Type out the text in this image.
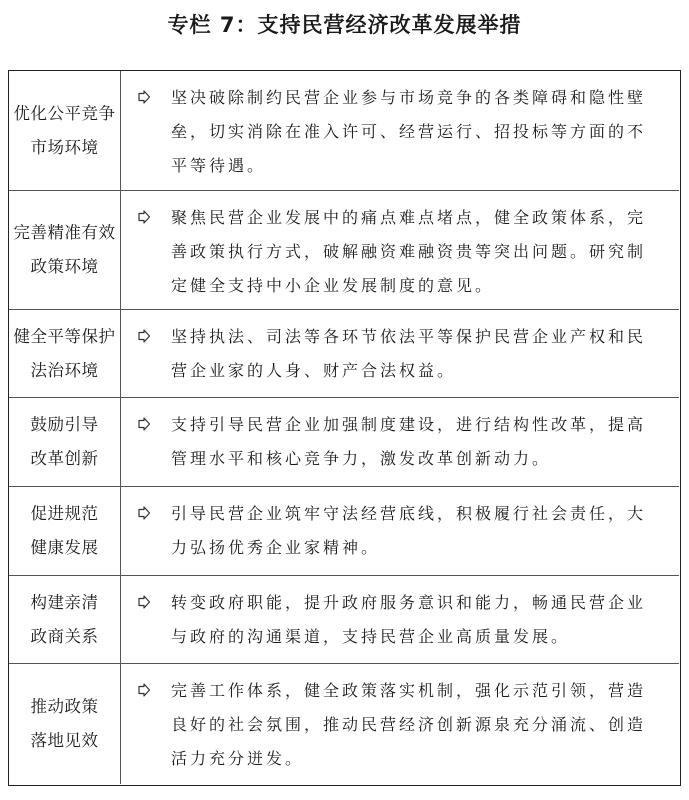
专栏 7：支持民营经济改革发展举措
优化公平竞争
市场环境
坚决破除制约民营企业参与市场竞争的各类障碍和隐性壁
垒，切实消除在准入许可、经营运行、招投标等方面的不
平等待遇。
完善精准有效
政策环境
聚焦民营企业发展中的痛点难点堵点，健全政策体系，完
善政策执行方式，破解融资难融资贵等突出问题。研究制
定健全支持中小企业发展制度的意见。
健全平等保护
法治环境
坚持执法、司法等各环节依法平等保护民营企业产权和民
营企业家的人身、财产合法权益。
鼓励引导
改革创新
支持引导民营企业加强制度建设，进行结构性改革，提高
管理水平和核心竞争力，激发改革创新动力。
促进规范
健康发展
引导民营企业筑牢守法经营底线，积极履行社会责任，大
力弘扬优秀企业家精神。
构建亲清
政商关系
转变政府职能，提升政府服务意识和能力，畅通民营企业
与政府的沟通渠道，支持民营企业高质量发展。
推动政策
落地见效
完善工作体系，健全政策落实机制，强化示范引领，营造
良好的社会氛围，推动民营经济创新源泉充分涌流、创造
活力充分迸发。
